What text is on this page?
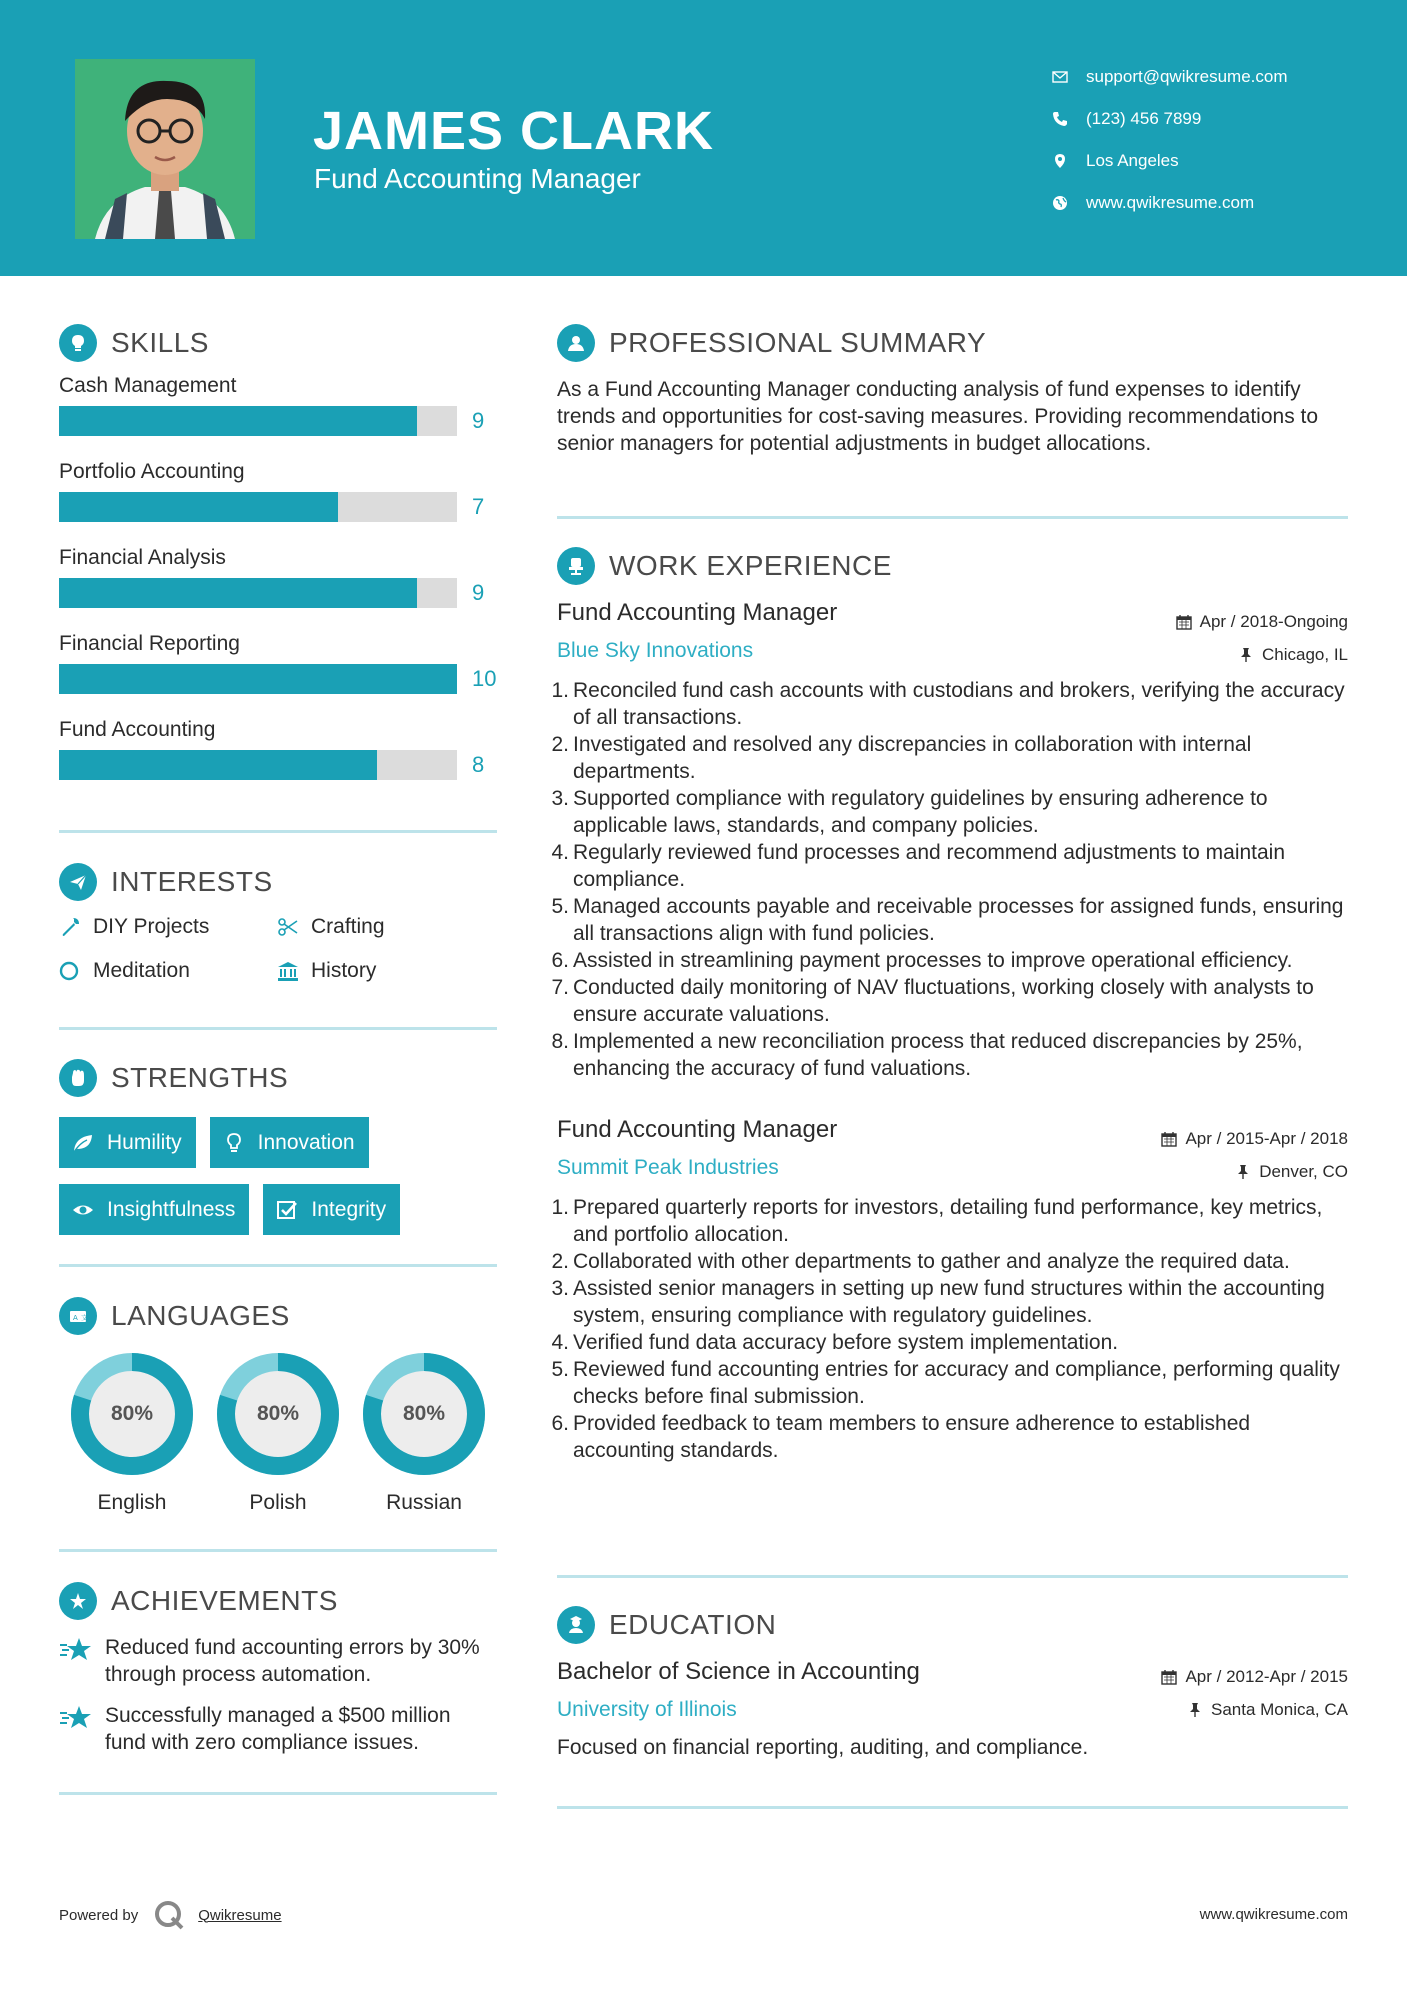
JAMES CLARK
Fund Accounting Manager
support@qwikresume.com
(123) 456 7899
Los Angeles
www.qwikresume.com
SKILLS
Cash Management
9
Portfolio Accounting
7
Financial Analysis
9
Financial Reporting
10
Fund Accounting
8
INTERESTS
DIY Projects	Crafting
Meditation	History
STRENGTHS
Humility	Innovation
Insightfulness	Integrity
A 文 LANGUAGES
80%
English
80%
Polish
80%
Russian
ACHIEVEMENTS
Reduced fund accounting errors by 30% through process automation.
Successfully managed a $500 million fund with zero compliance issues.
PROFESSIONAL SUMMARY

As a Fund Accounting Manager conducting analysis of fund expenses to identify trends and opportunities for cost-saving measures. Providing recommendations to senior managers for potential adjustments in budget allocations.

WORK EXPERIENCE
Fund Accounting Manager
Blue Sky Innovations
Apr / 2018-Ongoing
Chicago, IL
1. Reconciled fund cash accounts with custodians and brokers, verifying the accuracy of all transactions.
2. Investigated and resolved any discrepancies in collaboration with internal departments.
3. Supported compliance with regulatory guidelines by ensuring adherence to applicable laws, standards, and company policies.
4. Regularly reviewed fund processes and recommend adjustments to maintain compliance.
5. Managed accounts payable and receivable processes for assigned funds, ensuring all transactions align with fund policies.
6. Assisted in streamlining payment processes to improve operational efficiency.
7. Conducted daily monitoring of NAV fluctuations, working closely with analysts to ensure accurate valuations.
8. Implemented a new reconciliation process that reduced discrepancies by 25%, enhancing the accuracy of fund valuations.
Fund Accounting Manager
Summit Peak Industries
Apr / 2015-Apr / 2018
Denver, CO
1. Prepared quarterly reports for investors, detailing fund performance, key metrics, and portfolio allocation.
2. Collaborated with other departments to gather and analyze the required data.
3. Assisted senior managers in setting up new fund structures within the accounting system, ensuring compliance with regulatory guidelines.
4. Verified fund data accuracy before system implementation.
5. Reviewed fund accounting entries for accuracy and compliance, performing quality checks before final submission.
6. Provided feedback to team members to ensure adherence to established accounting standards.
EDUCATION
Bachelor of Science in Accounting
University of Illinois
Apr / 2012-Apr / 2015
Santa Monica, CA
Focused on financial reporting, auditing, and compliance.
Powered by	Qwikresume	www.qwikresume.com
